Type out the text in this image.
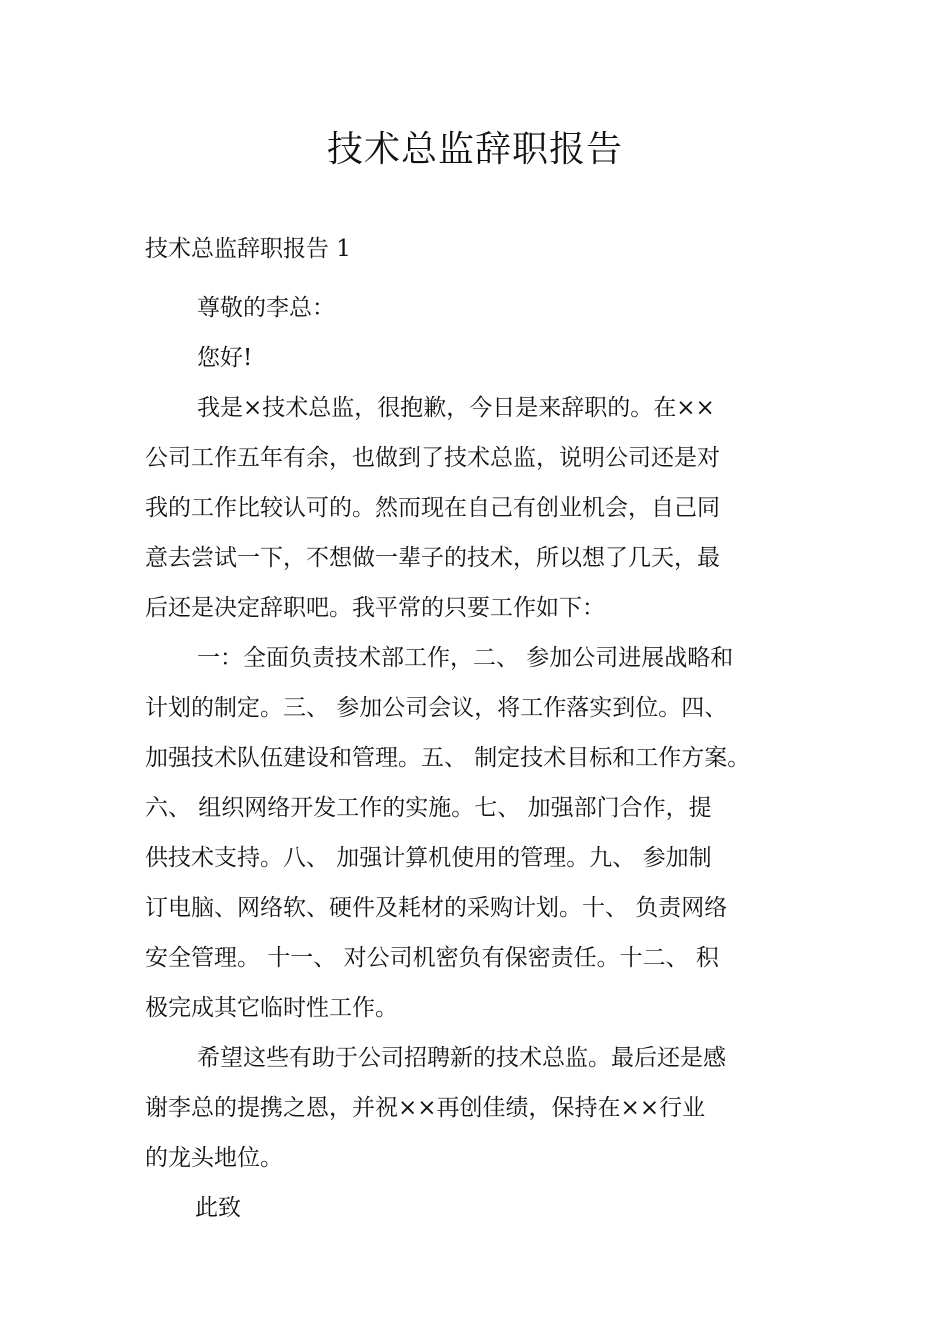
技术总监辞职报告

技术总监辞职报告 1

尊敬的李总：
您好!
我是×技术总监，很抱歉，今日是来辞职的。在××
公司工作五年有余，也做到了技术总监，说明公司还是对
我的工作比较认可的。然而现在自己有创业机会，自己同
意去尝试一下，不想做一辈子的技术，所以想了几天，最
后还是决定辞职吧。我平常的只要工作如下：
一：全面负责技术部工作，二、 参加公司进展战略和
计划的制定。三、 参加公司会议，将工作落实到位。四、
加强技术队伍建设和管理。五、 制定技术目标和工作方案。
六、 组织网络开发工作的实施。七、 加强部门合作，提
供技术支持。八、 加强计算机使用的管理。九、 参加制
订电脑、网络软、硬件及耗材的采购计划。十、 负责网络
安全管理。 十一、 对公司机密负有保密责任。十二、 积
极完成其它临时性工作。
希望这些有助于公司招聘新的技术总监。最后还是感
谢李总的提携之恩，并祝××再创佳绩，保持在××行业
的龙头地位。
此致
